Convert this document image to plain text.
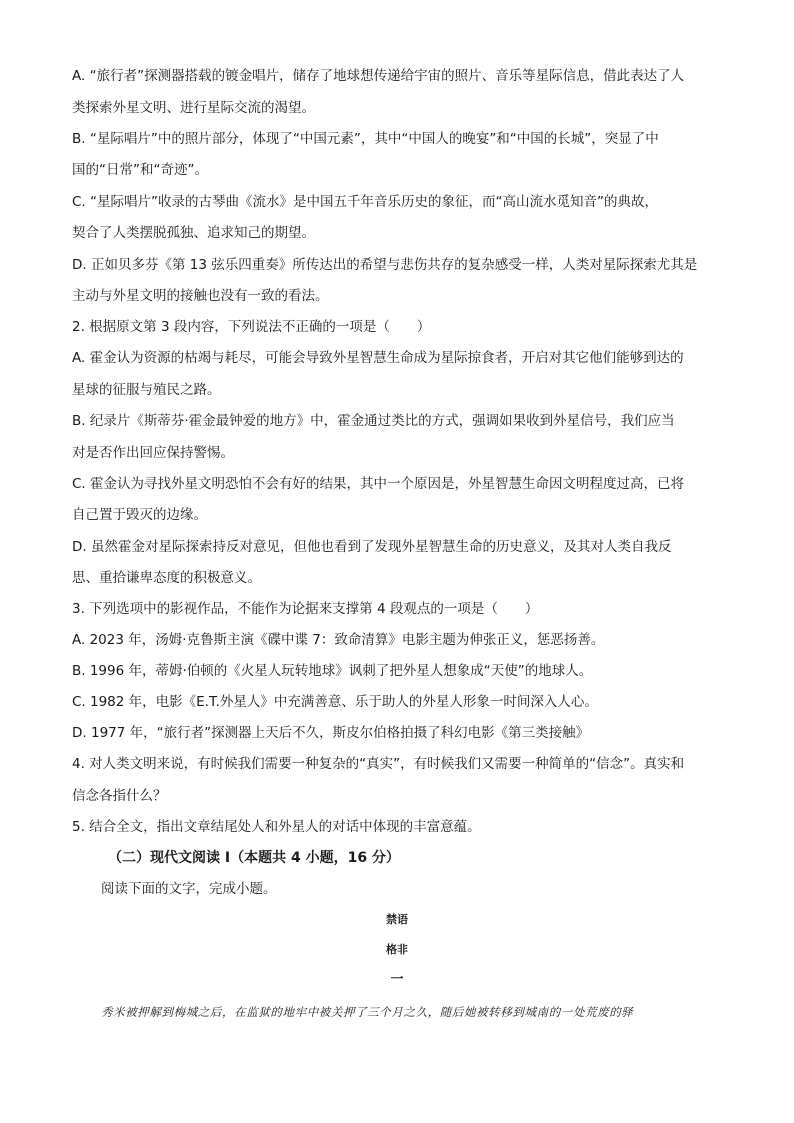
A. “旅行者”探测器搭载的镀金唱片，储存了地球想传递给宇宙的照片、音乐等星际信息，借此表达了人
类探索外星文明、进行星际交流的渴望。
B. “星际唱片”中的照片部分，体现了“中国元素”，其中“中国人的晚宴”和“中国的长城”，突显了中
国的“日常”和“奇迹”。
C. “星际唱片”收录的古琴曲《流水》是中国五千年音乐历史的象征，而“高山流水觅知音”的典故，
契合了人类摆脱孤独、追求知己的期望。
D. 正如贝多芬《第 13 弦乐四重奏》所传达出的希望与悲伤共存的复杂感受一样，人类对星际探索尤其是
主动与外星文明的接触也没有一致的看法。
2. 根据原文第 3 段内容，下列说法不正确的一项是（　　）
A. 霍金认为资源的枯竭与耗尽，可能会导致外星智慧生命成为星际掠食者，开启对其它他们能够到达的
星球的征服与殖民之路。
B. 纪录片《斯蒂芬·霍金最钟爱的地方》中，霍金通过类比的方式，强调如果收到外星信号，我们应当
对是否作出回应保持警惕。
C. 霍金认为寻找外星文明恐怕不会有好的结果，其中一个原因是，外星智慧生命因文明程度过高，已将
自己置于毁灭的边缘。
D. 虽然霍金对星际探索持反对意见，但他也看到了发现外星智慧生命的历史意义，及其对人类自我反
思、重拾谦卑态度的积极意义。
3. 下列选项中的影视作品，不能作为论据来支撑第 4 段观点的一项是（　　）
A. 2023 年，汤姆·克鲁斯主演《碟中谍 7：致命清算》电影主题为伸张正义，惩恶扬善。
B. 1996 年，蒂姆·伯顿的《火星人玩转地球》讽刺了把外星人想象成“天使”的地球人。
C. 1982 年，电影《E.T.外星人》中充满善意、乐于助人的外星人形象一时间深入人心。
D. 1977 年，“旅行者”探测器上天后不久，斯皮尔伯格拍摄了科幻电影《第三类接触》
4. 对人类文明来说，有时候我们需要一种复杂的“真实”，有时候我们又需要一种简单的“信念”。真实和
信念各指什么？
5. 结合全文，指出文章结尾处人和外星人的对话中体现的丰富意蕴。
（二）现代文阅读 I（本题共 4 小题，16 分）
阅读下面的文字，完成小题。
禁语
格非
一
秀米被押解到梅城之后，在监狱的地牢中被关押了三个月之久，随后她被转移到城南的一处荒废的驿
